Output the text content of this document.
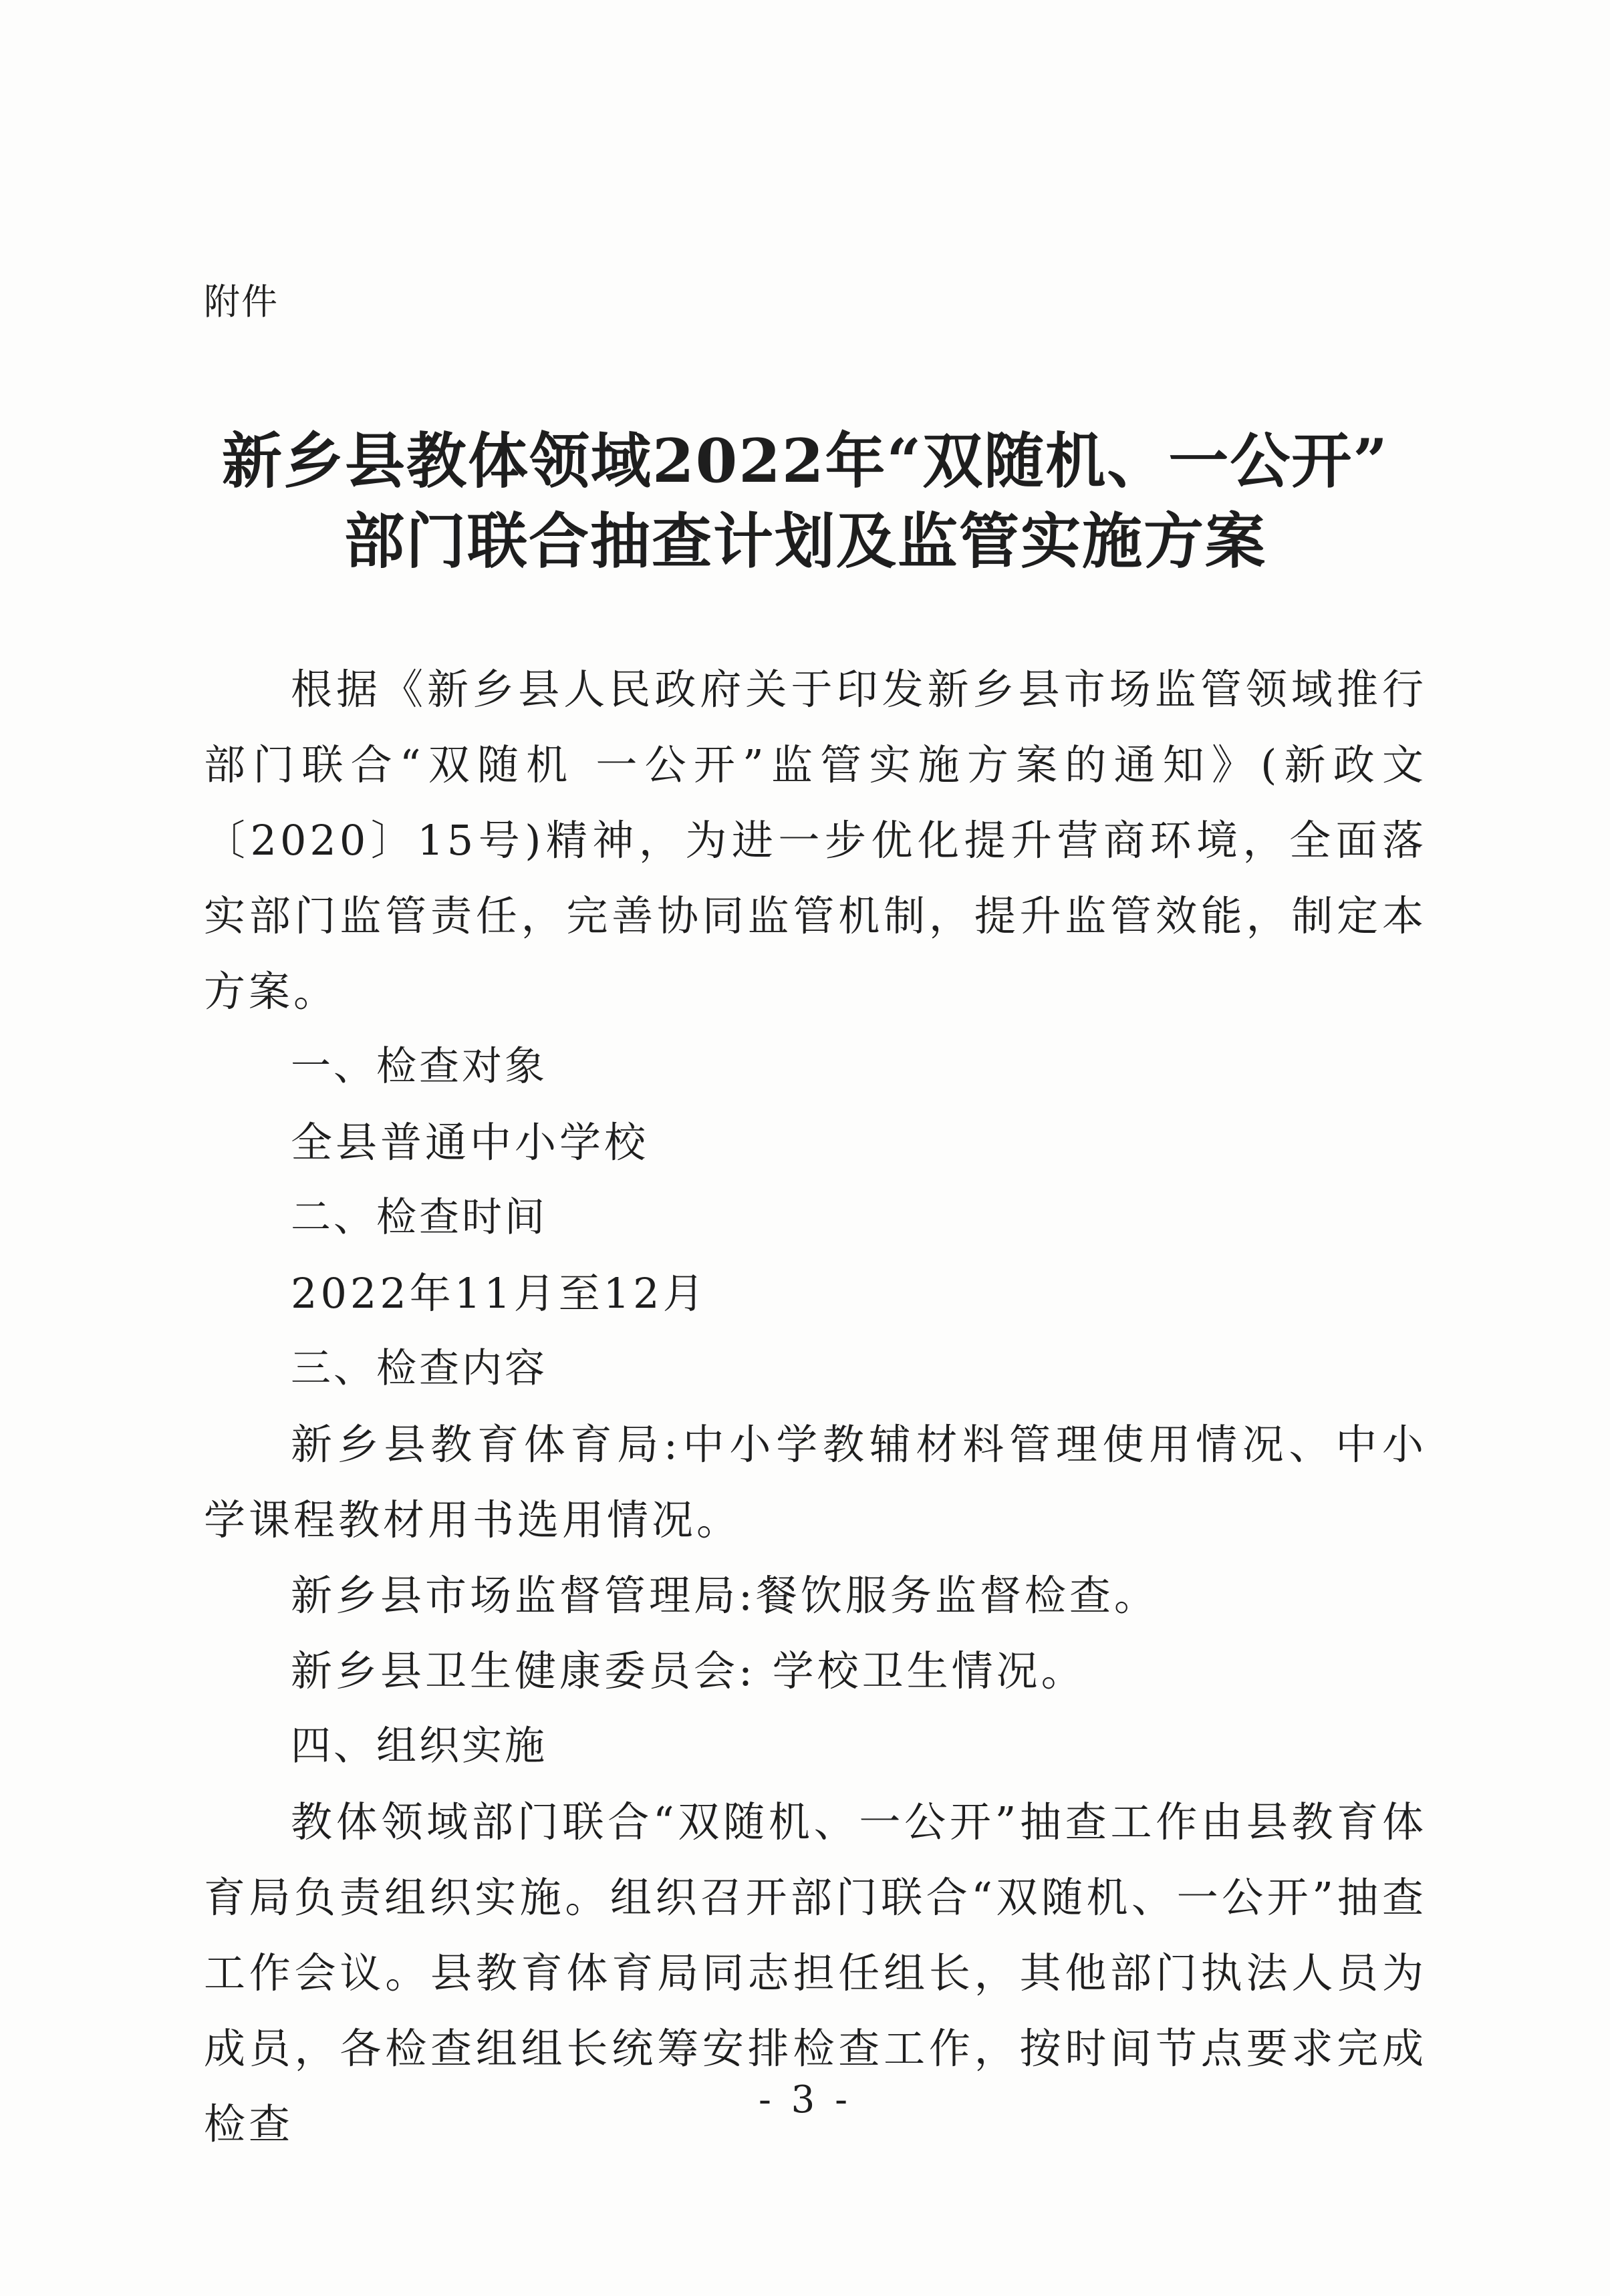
附件
新乡县教体领域2022年“双随机、一公开”
部门联合抽查计划及监管实施方案

根据《新乡县人民政府关于印发新乡县市场监管领域推行部门联合“双随机 一公开”监管实施方案的通知》(新政文〔2020〕15号)精神，为进一步优化提升营商环境，全面落实部门监管责任，完善协同监管机制，提升监管效能，制定本方案。

一、检查对象

全县普通中小学校

二、检查时间

2022年11月至12月

三、检查内容

新乡县教育体育局:中小学教辅材料管理使用情况、中小学课程教材用书选用情况。

新乡县市场监督管理局:餐饮服务监督检查。

新乡县卫生健康委员会: 学校卫生情况。

四、组织实施

教体领域部门联合“双随机、一公开”抽查工作由县教育体育局负责组织实施。组织召开部门联合“双随机、一公开”抽查工作会议。县教育体育局同志担任组长，其他部门执法人员为成员，各检查组组长统筹安排检查工作，按时间节点要求完成检查	- 3 -
